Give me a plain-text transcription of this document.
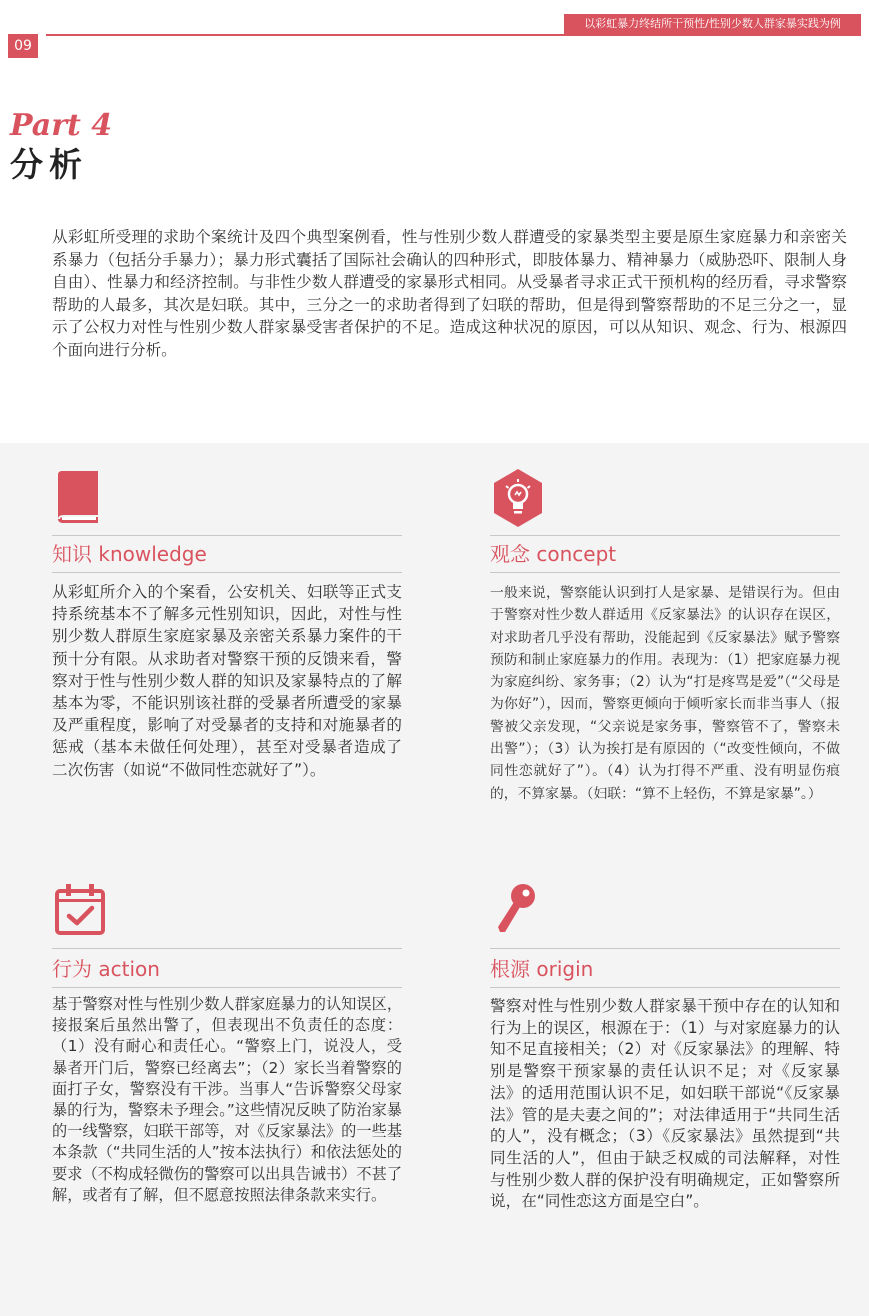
以彩虹暴力终结所干预性/性别少数人群家暴实践为例
09
Part 4
分析
从彩虹所受理的求助个案统计及四个典型案例看，性与性别少数人群遭受的家暴类型主要是原生家庭暴力和亲密关系暴力（包括分手暴力）；暴力形式囊括了国际社会确认的四种形式，即肢体暴力、精神暴力（威胁恐吓、限制人身自由）、性暴力和经济控制。与非性少数人群遭受的家暴形式相同。从受暴者寻求正式干预机构的经历看，寻求警察帮助的人最多，其次是妇联。其中，三分之一的求助者得到了妇联的帮助，但是得到警察帮助的不足三分之一，显示了公权力对性与性别少数人群家暴受害者保护的不足。造成这种状况的原因，可以从知识、观念、行为、根源四个面向进行分析。
知识 knowledge
从彩虹所介入的个案看，公安机关、妇联等正式支持系统基本不了解多元性别知识，因此，对性与性别少数人群原生家庭家暴及亲密关系暴力案件的干预十分有限。从求助者对警察干预的反馈来看，警察对于性与性别少数人群的知识及家暴特点的了解基本为零，不能识别该社群的受暴者所遭受的家暴及严重程度，影响了对受暴者的支持和对施暴者的惩戒（基本未做任何处理），甚至对受暴者造成了二次伤害（如说“不做同性恋就好了”）。
观念 concept
一般来说，警察能认识到打人是家暴、是错误行为。但由于警察对性少数人群适用《反家暴法》的认识存在误区，对求助者几乎没有帮助，没能起到《反家暴法》赋予警察预防和制止家庭暴力的作用。表现为：（1）把家庭暴力视为家庭纠纷、家务事；（2）认为“打是疼骂是爱”（“父母是为你好”），因而，警察更倾向于倾听家长而非当事人（报警被父亲发现，“父亲说是家务事，警察管不了，警察未出警”）；（3）认为挨打是有原因的（“改变性倾向，不做同性恋就好了”）。（4）认为打得不严重、没有明显伤痕的，不算家暴。（妇联：“算不上轻伤，不算是家暴”。）
行为 action
基于警察对性与性别少数人群家庭暴力的认知误区，接报案后虽然出警了，但表现出不负责任的态度：（1）没有耐心和责任心。“警察上门，说没人，受暴者开门后，警察已经离去”；（2）家长当着警察的面打子女，警察没有干涉。当事人“告诉警察父母家暴的行为，警察未予理会。”这些情况反映了防治家暴的一线警察，妇联干部等，对《反家暴法》的一些基本条款（“共同生活的人”按本法执行）和依法惩处的要求（不构成轻微伤的警察可以出具告诫书）不甚了解，或者有了解，但不愿意按照法律条款来实行。
根源 origin
警察对性与性别少数人群家暴干预中存在的认知和行为上的误区，根源在于：（1）与对家庭暴力的认知不足直接相关；（2）对《反家暴法》的理解、特别是警察干预家暴的责任认识不足；对《反家暴法》的适用范围认识不足，如妇联干部说“《反家暴法》管的是夫妻之间的”；对法律适用于“共同生活的人”，没有概念；（3）《反家暴法》虽然提到“共同生活的人”，但由于缺乏权威的司法解释，对性与性别少数人群的保护没有明确规定，正如警察所说，在“同性恋这方面是空白”。
